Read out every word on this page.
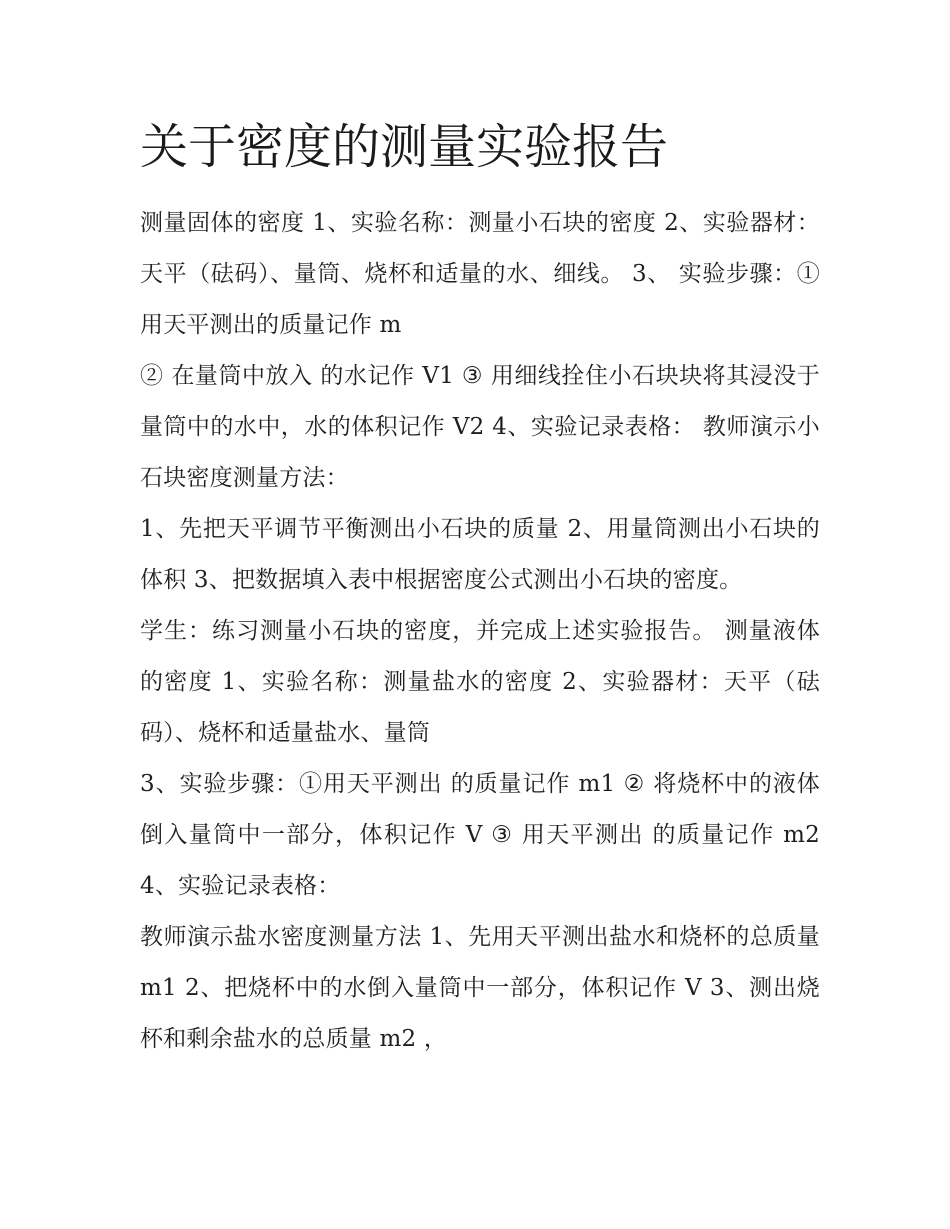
关于密度的测量实验报告

测量固体的密度 1、实验名称：测量小石块的密度 2、实验器材：天平（砝码）、量筒、烧杯和适量的水、细线。 3、 实验步骤：①用天平测出的质量记作 m

② 在量筒中放入 的水记作 V1 ③ 用细线拴住小石块块将其浸没于量筒中的水中，水的体积记作 V2 4、实验记录表格： 教师演示小石块密度测量方法：

1、先把天平调节平衡测出小石块的质量 2、用量筒测出小石块的体积 3、把数据填入表中根据密度公式测出小石块的密度。

学生：练习测量小石块的密度，并完成上述实验报告。 测量液体的密度 1、实验名称：测量盐水的密度 2、实验器材：天平（砝码）、烧杯和适量盐水、量筒

3、实验步骤：①用天平测出 的质量记作 m1 ② 将烧杯中的液体倒入量筒中一部分，体积记作 V ③ 用天平测出 的质量记作 m2 4、实验记录表格：

教师演示盐水密度测量方法 1、先用天平测出盐水和烧杯的总质量 m1 2、把烧杯中的水倒入量筒中一部分，体积记作 V 3、测出烧杯和剩余盐水的总质量 m2 ，
